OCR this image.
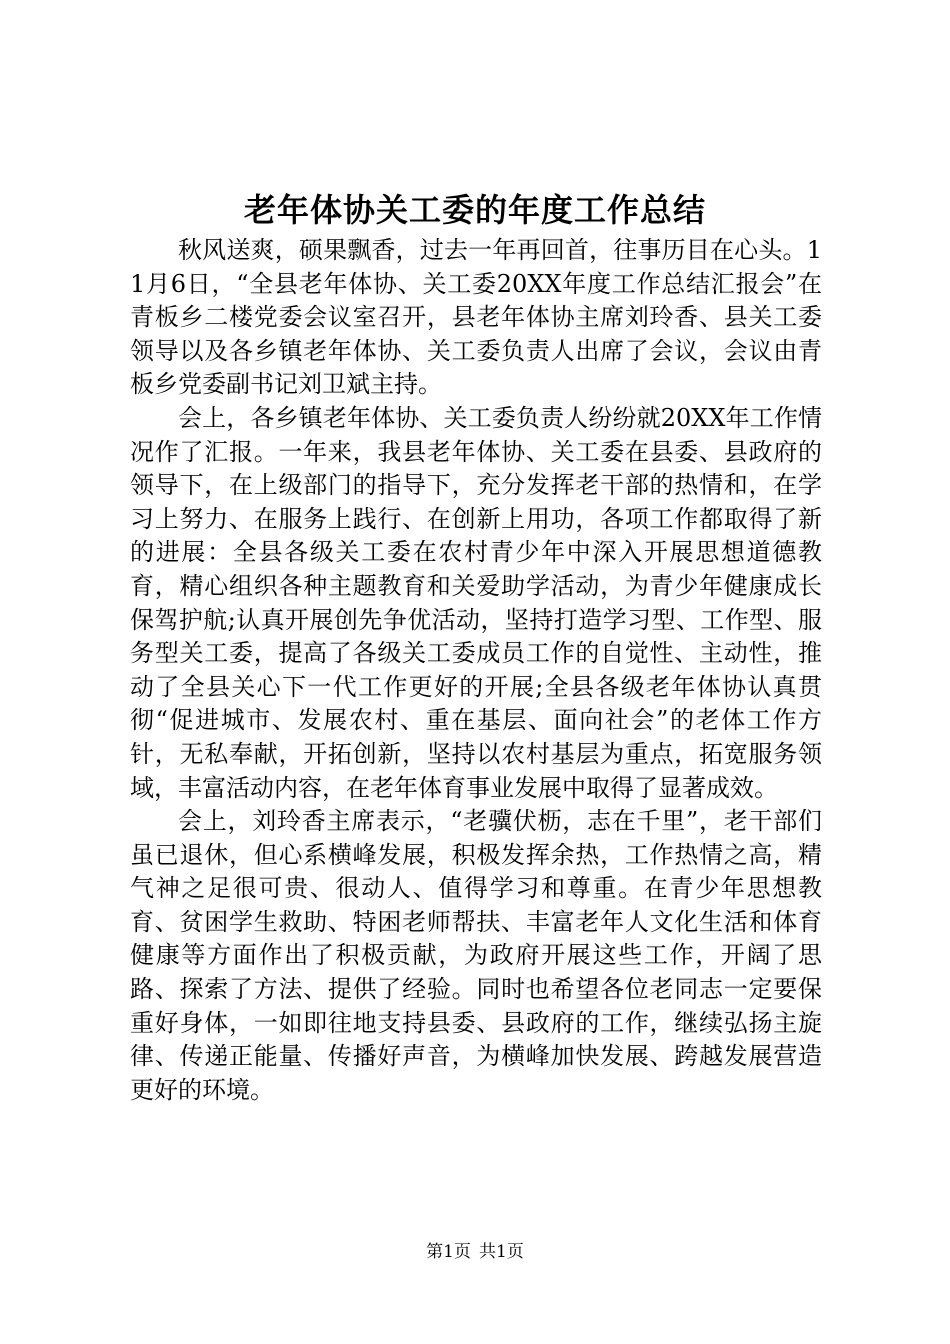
老年体协关工委的年度工作总结

秋风送爽，硕果飘香，过去一年再回首，往事历目在心头。11月6日，“全县老年体协、关工委20XX年度工作总结汇报会”在青板乡二楼党委会议室召开，县老年体协主席刘玲香、县关工委领导以及各乡镇老年体协、关工委负责人出席了会议，会议由青板乡党委副书记刘卫斌主持。

会上，各乡镇老年体协、关工委负责人纷纷就20XX年工作情况作了汇报。一年来，我县老年体协、关工委在县委、县政府的领导下，在上级部门的指导下，充分发挥老干部的热情和，在学习上努力、在服务上践行、在创新上用功，各项工作都取得了新的进展：全县各级关工委在农村青少年中深入开展思想道德教育，精心组织各种主题教育和关爱助学活动，为青少年健康成长保驾护航;认真开展创先争优活动，坚持打造学习型、工作型、服务型关工委，提高了各级关工委成员工作的自觉性、主动性，推动了全县关心下一代工作更好的开展;全县各级老年体协认真贯彻“促进城市、发展农村、重在基层、面向社会”的老体工作方针，无私奉献，开拓创新，坚持以农村基层为重点，拓宽服务领域，丰富活动内容，在老年体育事业发展中取得了显著成效。

会上，刘玲香主席表示，“老骥伏枥，志在千里”，老干部们虽已退休，但心系横峰发展，积极发挥余热，工作热情之高，精气神之足很可贵、很动人、值得学习和尊重。在青少年思想教育、贫困学生救助、特困老师帮扶、丰富老年人文化生活和体育健康等方面作出了积极贡献，为政府开展这些工作，开阔了思路、探索了方法、提供了经验。同时也希望各位老同志一定要保重好身体，一如即往地支持县委、县政府的工作，继续弘扬主旋律、传递正能量、传播好声音，为横峰加快发展、跨越发展营造更好的环境。

第1页 共1页
